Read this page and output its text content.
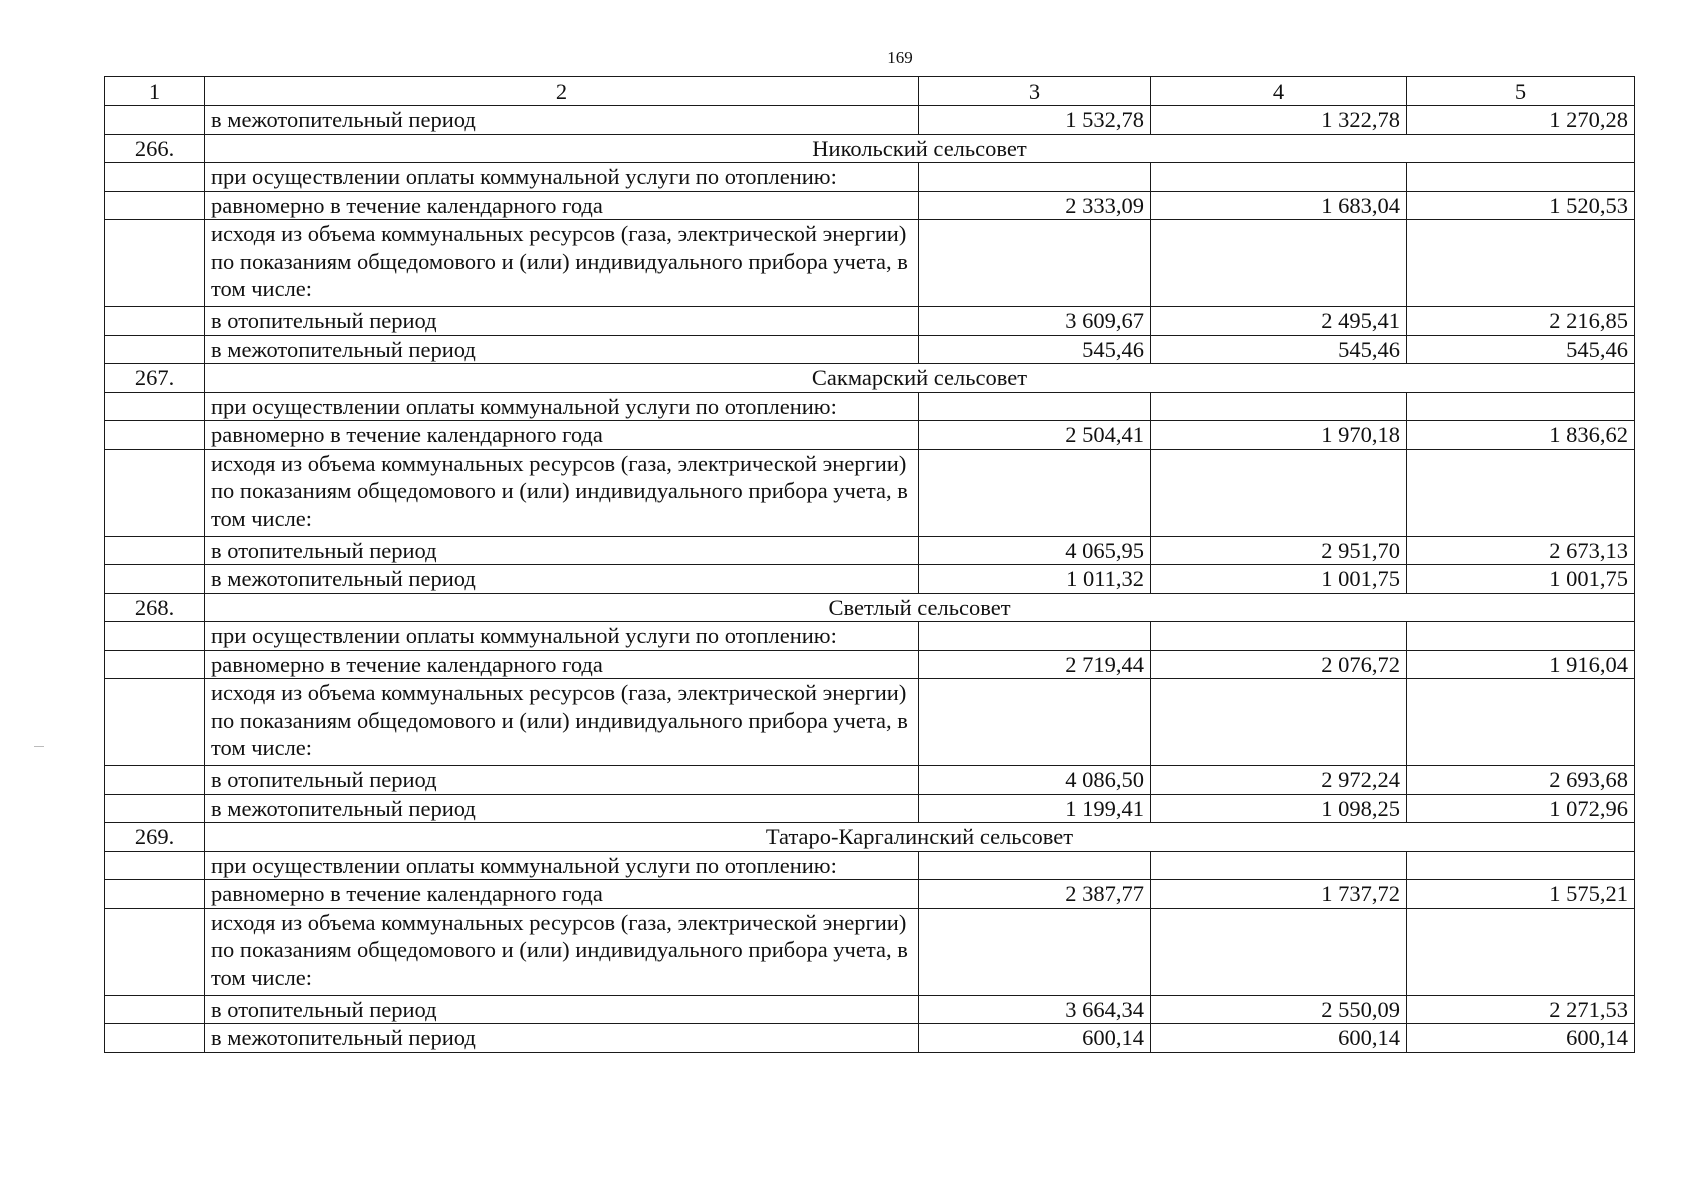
169
1	2	3	4	5
	в межотопительный период	1 532,78	1 322,78	1 270,28
266.	Никольский сельсовет			
	при осуществлении оплаты коммунальной услуги по отоплению:			
	равномерно в течение календарного года	2 333,09	1 683,04	1 520,53
	исходя из объема коммунальных ресурсов (газа, электрической энергии) по показаниям общедомового и (или) индивидуального прибора учета, в том числе:			
	в отопительный период	3 609,67	2 495,41	2 216,85
	в межотопительный период	545,46	545,46	545,46
267.	Сакмарский сельсовет			
	при осуществлении оплаты коммунальной услуги по отоплению:			
	равномерно в течение календарного года	2 504,41	1 970,18	1 836,62
	исходя из объема коммунальных ресурсов (газа, электрической энергии) по показаниям общедомового и (или) индивидуального прибора учета, в том числе:			
	в отопительный период	4 065,95	2 951,70	2 673,13
	в межотопительный период	1 011,32	1 001,75	1 001,75
268.	Светлый сельсовет			
	при осуществлении оплаты коммунальной услуги по отоплению:			
	равномерно в течение календарного года	2 719,44	2 076,72	1 916,04
	исходя из объема коммунальных ресурсов (газа, электрической энергии) по показаниям общедомового и (или) индивидуального прибора учета, в том числе:			
	в отопительный период	4 086,50	2 972,24	2 693,68
	в межотопительный период	1 199,41	1 098,25	1 072,96
269.	Татаро-Каргалинский сельсовет			
	при осуществлении оплаты коммунальной услуги по отоплению:			
	равномерно в течение календарного года	2 387,77	1 737,72	1 575,21
	исходя из объема коммунальных ресурсов (газа, электрической энергии) по показаниям общедомового и (или) индивидуального прибора учета, в том числе:			
	в отопительный период	3 664,34	2 550,09	2 271,53
	в межотопительный период	600,14	600,14	600,14
